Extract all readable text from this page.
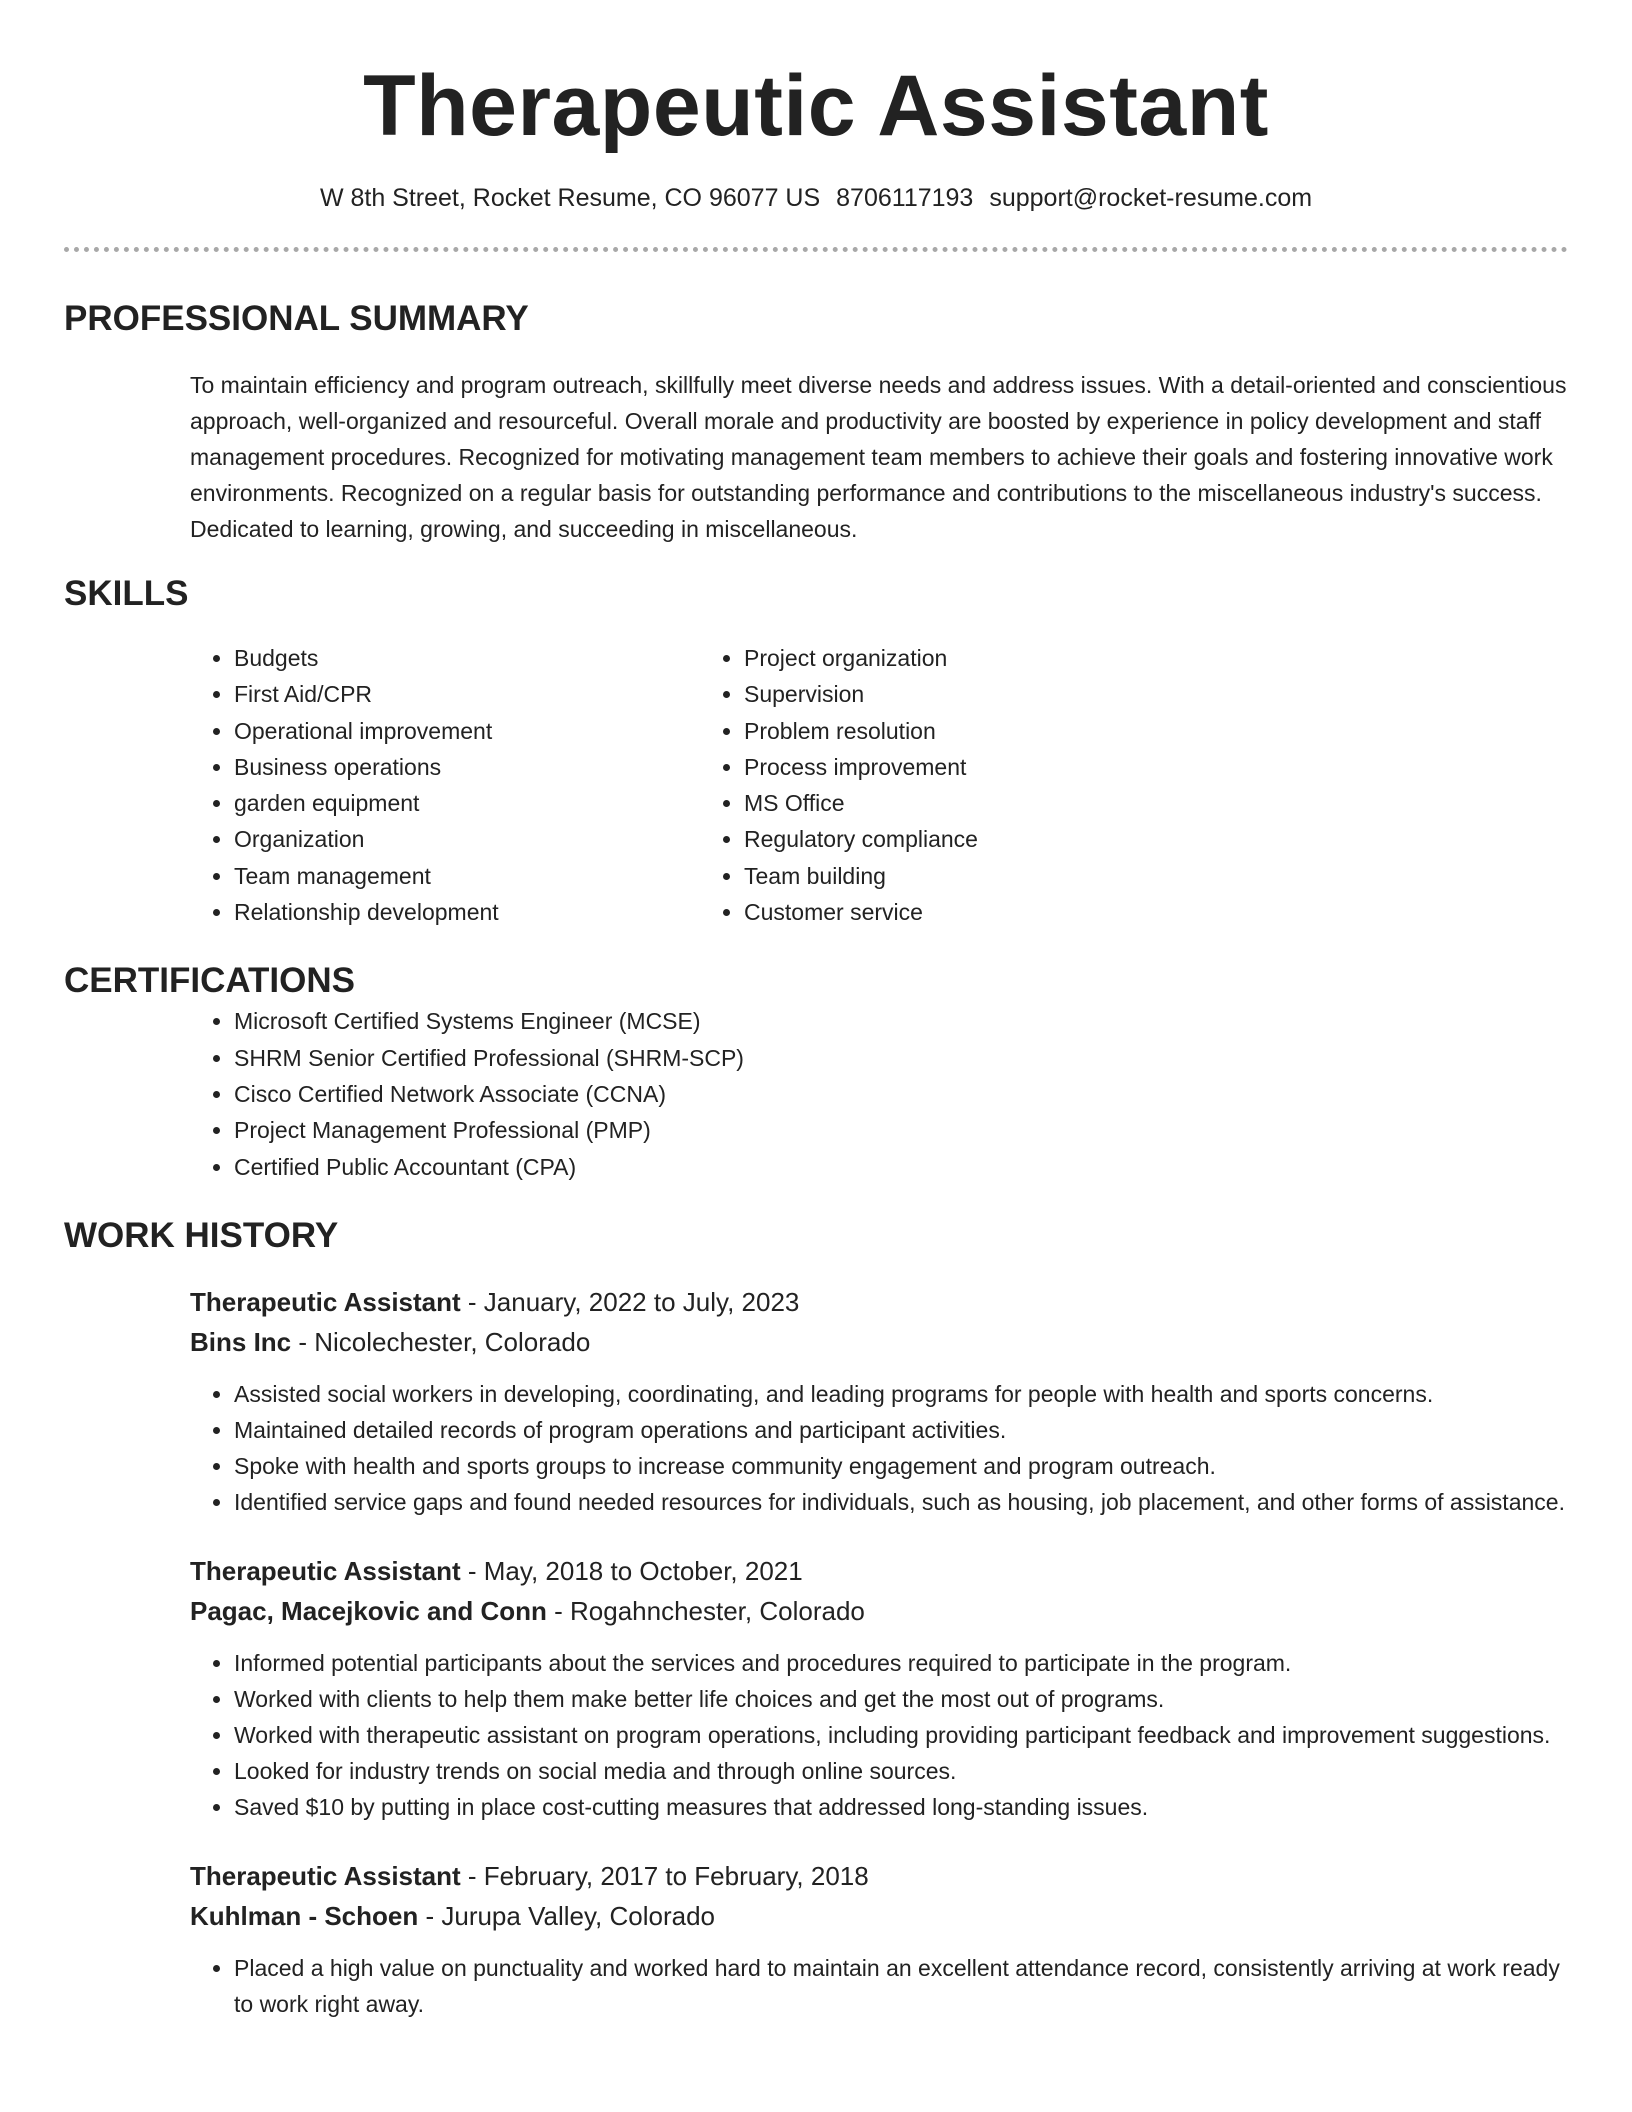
Therapeutic Assistant
W 8th Street, Rocket Resume, CO 96077 US 8706117193 support@rocket-resume.com
PROFESSIONAL SUMMARY

To maintain efficiency and program outreach, skillfully meet diverse needs and address issues. With a detail-oriented and conscientious approach, well-organized and resourceful. Overall morale and productivity are boosted by experience in policy development and staff management procedures. Recognized for motivating management team members to achieve their goals and fostering innovative work environments. Recognized on a regular basis for outstanding performance and contributions to the miscellaneous industry's success. Dedicated to learning, growing, and succeeding in miscellaneous.

SKILLS
• Budgets
• First Aid/CPR
• Operational improvement
• Business operations
• garden equipment
• Organization
• Team management
• Relationship development
• Project organization
• Supervision
• Problem resolution
• Process improvement
• MS Office
• Regulatory compliance
• Team building
• Customer service
CERTIFICATIONS
• Microsoft Certified Systems Engineer (MCSE)
• SHRM Senior Certified Professional (SHRM-SCP)
• Cisco Certified Network Associate (CCNA)
• Project Management Professional (PMP)
• Certified Public Accountant (CPA)
WORK HISTORY
Therapeutic Assistant - January, 2022 to July, 2023
Bins Inc - Nicolechester, Colorado
• Assisted social workers in developing, coordinating, and leading programs for people with health and sports concerns.
• Maintained detailed records of program operations and participant activities.
• Spoke with health and sports groups to increase community engagement and program outreach.
• Identified service gaps and found needed resources for individuals, such as housing, job placement, and other forms of assistance.
Therapeutic Assistant - May, 2018 to October, 2021
Pagac, Macejkovic and Conn - Rogahnchester, Colorado
• Informed potential participants about the services and procedures required to participate in the program.
• Worked with clients to help them make better life choices and get the most out of programs.
• Worked with therapeutic assistant on program operations, including providing participant feedback and improvement suggestions.
• Looked for industry trends on social media and through online sources.
• Saved $10 by putting in place cost-cutting measures that addressed long-standing issues.
Therapeutic Assistant - February, 2017 to February, 2018
Kuhlman - Schoen - Jurupa Valley, Colorado
• Placed a high value on punctuality and worked hard to maintain an excellent attendance record, consistently arriving at work ready to work right away.
